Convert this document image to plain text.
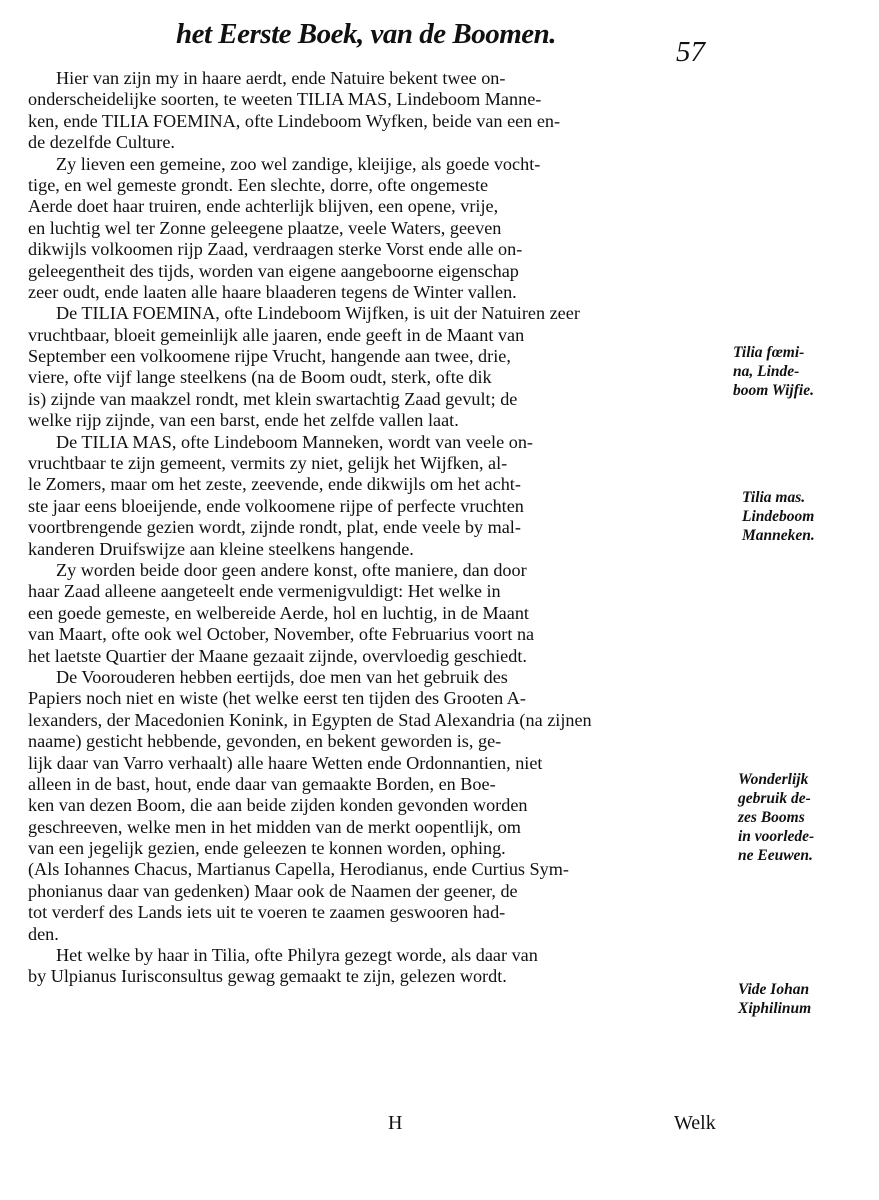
het Eerste Boek, van de Boomen.
57
Hier van zijn my in haare aerdt, ende Natuire bekent twee on-
onderscheidelijke soorten, te weeten TILIA MAS, Lindeboom Manne-
ken, ende TILIA FOEMINA, ofte Lindeboom Wyfken, beide van een en-
de dezelfde Culture.
Zy lieven een gemeine, zoo wel zandige, kleijige, als goede vocht-
tige, en wel gemeste grondt. Een slechte, dorre, ofte ongemeste
Aerde doet haar truiren, ende achterlijk blijven, een opene, vrije,
en luchtig wel ter Zonne geleegene plaatze, veele Waters, geeven
dikwijls volkoomen rijp Zaad, verdraagen sterke Vorst ende alle on-
geleegentheit des tijds, worden van eigene aangeboorne eigenschap
zeer oudt, ende laaten alle haare blaaderen tegens de Winter vallen.
De TILIA FOEMINA, ofte Lindeboom Wijfken, is uit der Natuiren zeer
vruchtbaar, bloeit gemeinlijk alle jaaren, ende geeft in de Maant van
September een volkoomene rijpe Vrucht, hangende aan twee, drie,
viere, ofte vijf lange steelkens (na de Boom oudt, sterk, ofte dik
is) zijnde van maakzel rondt, met klein swartachtig Zaad gevult; de
welke rijp zijnde, van een barst, ende het zelfde vallen laat.
De TILIA MAS, ofte Lindeboom Manneken, wordt van veele on-
vruchtbaar te zijn gemeent, vermits zy niet, gelijk het Wijfken, al-
le Zomers, maar om het zeste, zeevende, ende dikwijls om het acht-
ste jaar eens bloeijende, ende volkoomene rijpe of perfecte vruchten
voortbrengende gezien wordt, zijnde rondt, plat, ende veele by mal-
kanderen Druifswijze aan kleine steelkens hangende.
Zy worden beide door geen andere konst, ofte maniere, dan door
haar Zaad alleene aangeteelt ende vermenigvuldigt: Het welke in
een goede gemeste, en welbereide Aerde, hol en luchtig, in de Maant
van Maart, ofte ook wel October, November, ofte Februarius voort na
het laetste Quartier der Maane gezaait zijnde, overvloedig geschiedt.
De Voorouderen hebben eertijds, doe men van het gebruik des
Papiers noch niet en wiste (het welke eerst ten tijden des Grooten A-
lexanders, der Macedonien Konink, in Egypten de Stad Alexandria (na zijnen
naame) gesticht hebbende, gevonden, en bekent geworden is, ge-
lijk daar van Varro verhaalt) alle haare Wetten ende Ordonnantien, niet
alleen in de bast, hout, ende daar van gemaakte Borden, en Boe-
ken van dezen Boom, die aan beide zijden konden gevonden worden
geschreeven, welke men in het midden van de merkt oopentlijk, om
van een jegelijk gezien, ende geleezen te konnen worden, ophing.
(Als Iohannes Chacus, Martianus Capella, Herodianus, ende Curtius Sym-
phonianus daar van gedenken) Maar ook de Naamen der geener, de
tot verderf des Lands iets uit te voeren te zaamen geswooren had-
den.
Het welke by haar in Tilia, ofte Philyra gezegt worde, als daar van
by Ulpianus Iurisconsultus gewag gemaakt te zijn, gelezen wordt.
Tilia fœmi-
na, Linde-
boom Wijfie.
Tilia mas.
Lindeboom
Manneken.
Wonderlijk
gebruik de-
zes Booms
in voorlede-
ne Eeuwen.
Vide Iohan
Xiphilinum
H	Welk
